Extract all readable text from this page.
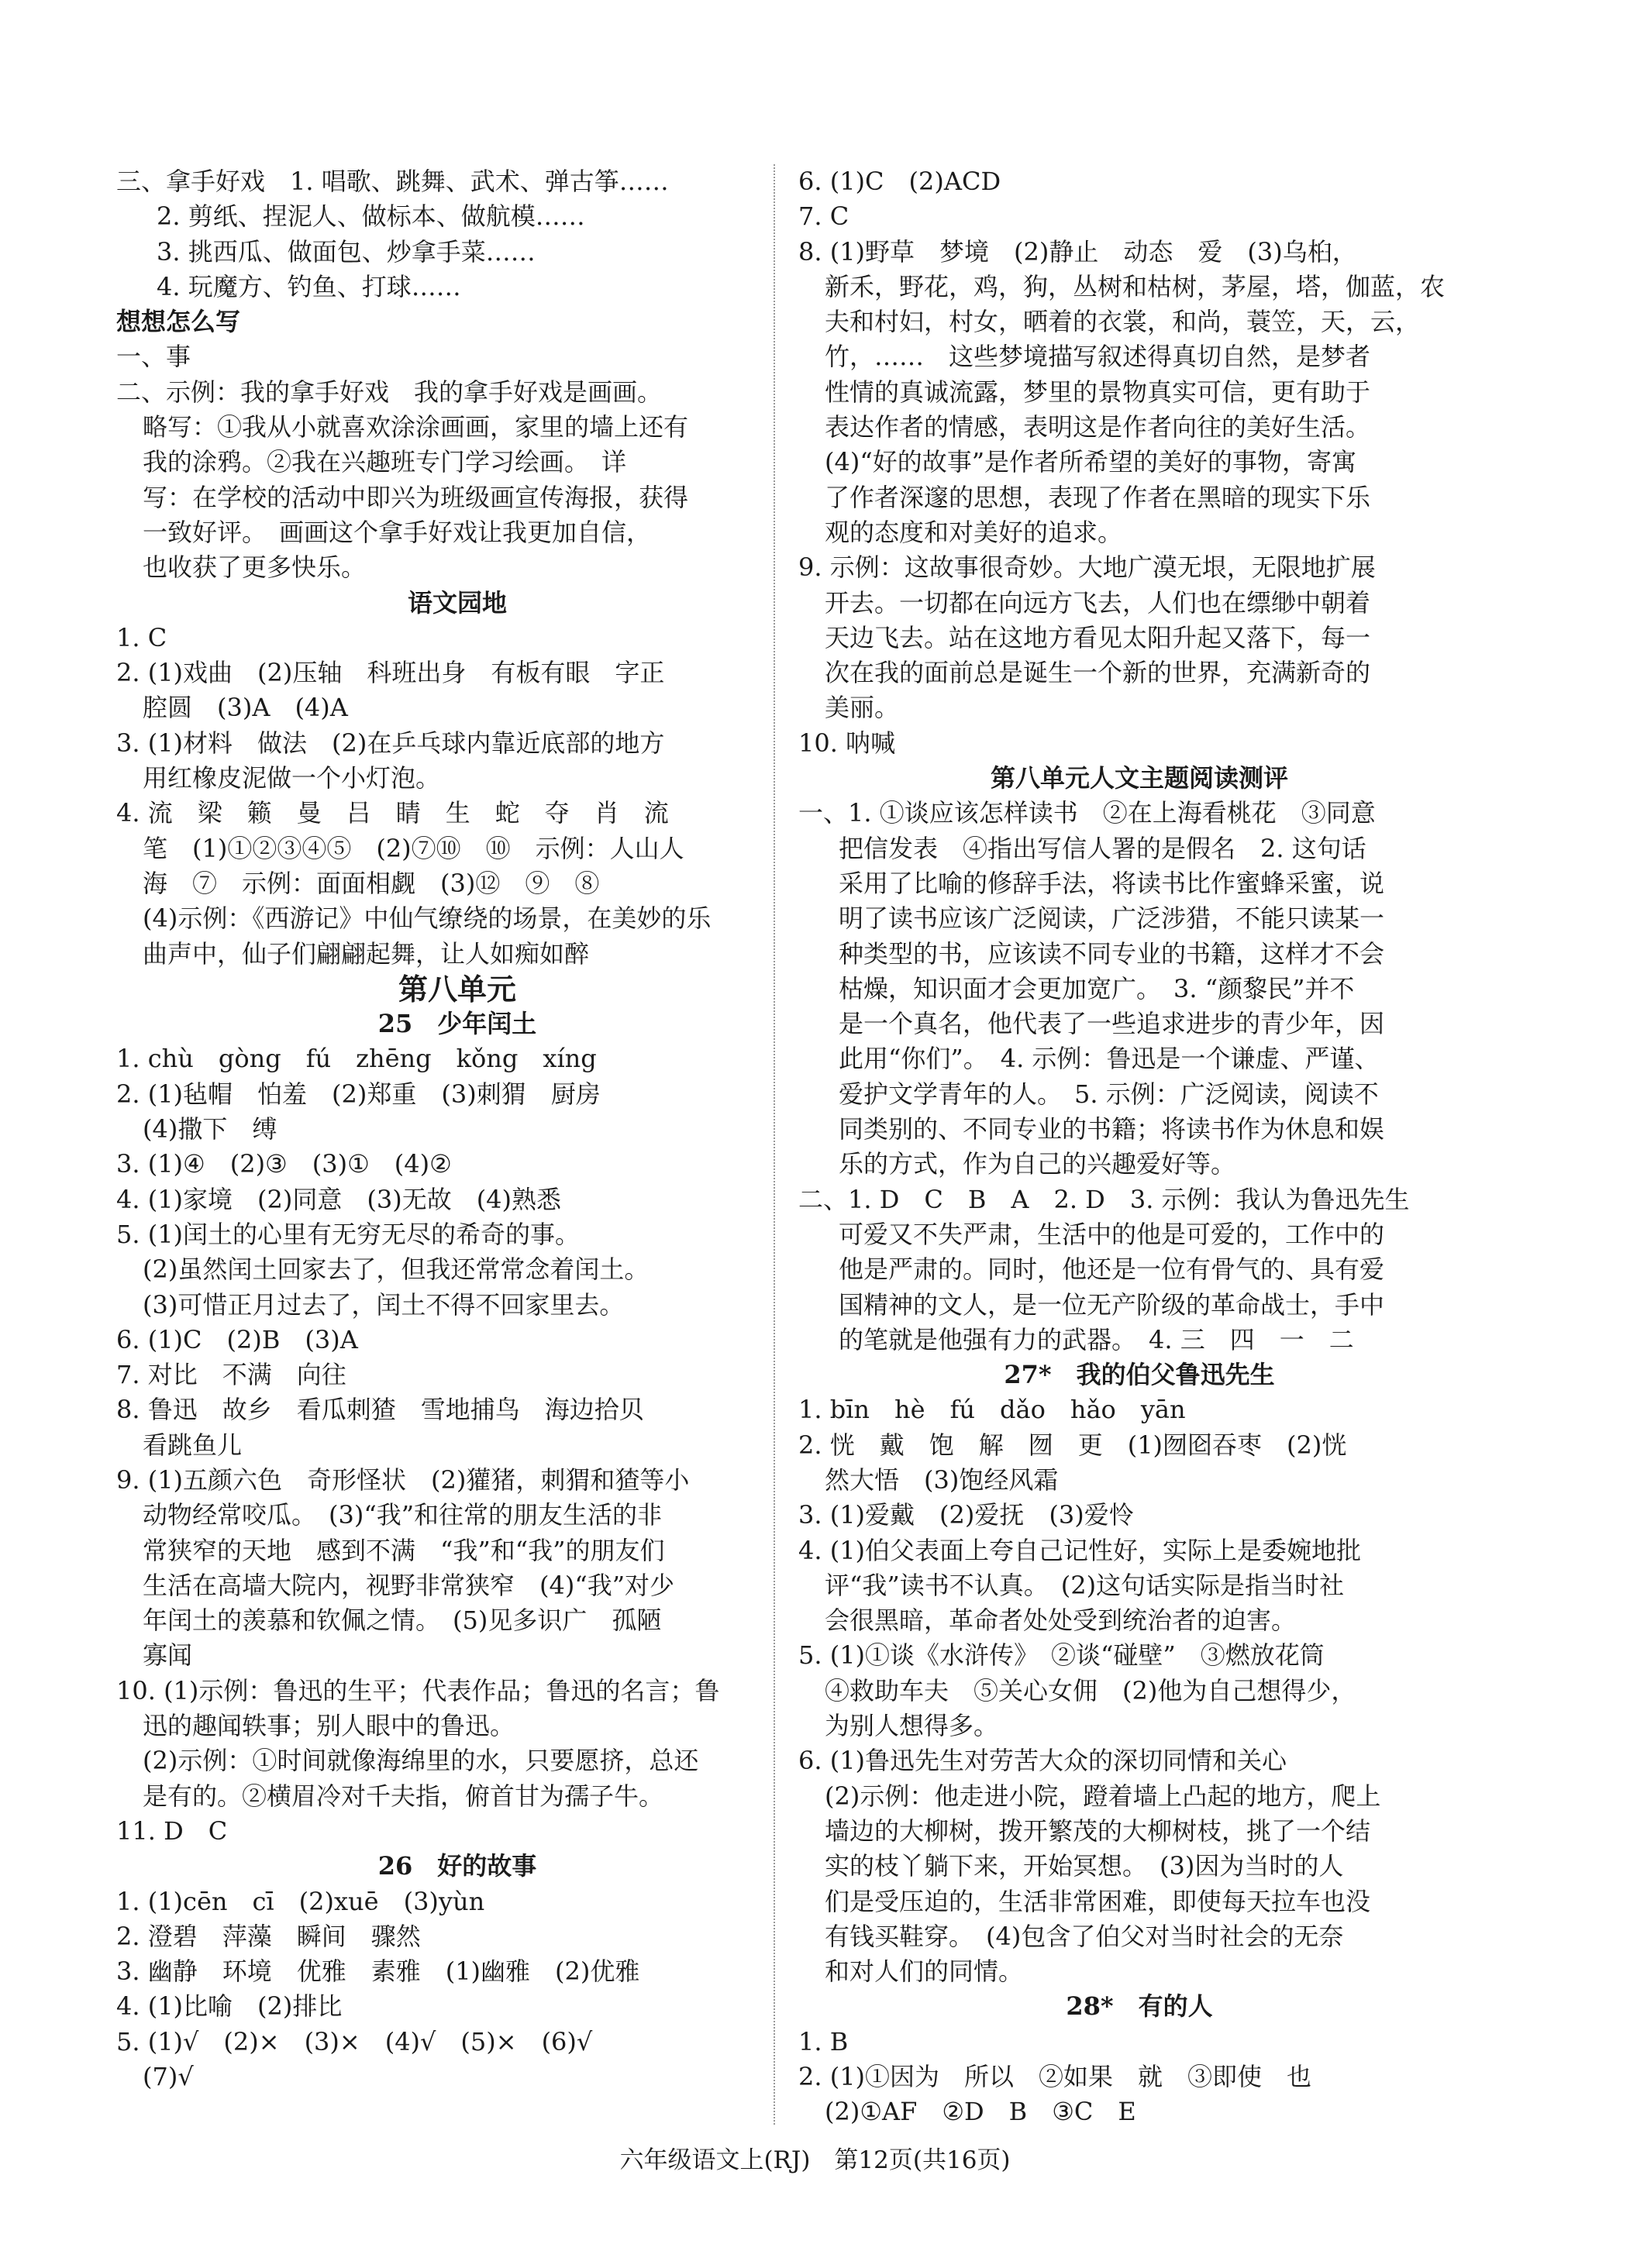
三、拿手好戏　1. 唱歌、跳舞、武术、弹古筝……
2. 剪纸、捏泥人、做标本、做航模……
3. 挑西瓜、做面包、炒拿手菜……
4. 玩魔方、钓鱼、打球……
想想怎么写
一、事
二、示例：我的拿手好戏　我的拿手好戏是画画。
略写：①我从小就喜欢涂涂画画，家里的墙上还有
我的涂鸦。②我在兴趣班专门学习绘画。　详
写：在学校的活动中即兴为班级画宣传海报，获得
一致好评。　画画这个拿手好戏让我更加自信，
也收获了更多快乐。
语文园地
1. C
2. (1)戏曲　(2)压轴　科班出身　有板有眼　字正
腔圆　(3)A　(4)A
3. (1)材料　做法　(2)在乒乓球内靠近底部的地方
用红橡皮泥做一个小灯泡。
4. 流　梁　籁　曼　吕　睛　生　蛇　夺　肖　流
笔　(1)①②③④⑤　(2)⑦⑩　⑩　示例：人山人
海　⑦　示例：面面相觑　(3)⑫　⑨　⑧
(4)示例：《西游记》中仙气缭绕的场景，在美妙的乐
曲声中，仙子们翩翩起舞，让人如痴如醉
第八单元
25　少年闰土
1. chù　gòng　fú　zhēng　kǒng　xíng
2. (1)毡帽　怕羞　(2)郑重　(3)刺猬　厨房
(4)撒下　缚
3. (1)④　(2)③　(3)①　(4)②
4. (1)家境　(2)同意　(3)无故　(4)熟悉
5. (1)闰土的心里有无穷无尽的希奇的事。
(2)虽然闰土回家去了，但我还常常念着闰土。
(3)可惜正月过去了，闰土不得不回家里去。
6. (1)C　(2)B　(3)A
7. 对比　不满　向往
8. 鲁迅　故乡　看瓜刺猹　雪地捕鸟　海边拾贝
看跳鱼儿
9. (1)五颜六色　奇形怪状　(2)獾猪，刺猬和猹等小
动物经常咬瓜。　(3)“我”和往常的朋友生活的非
常狭窄的天地　感到不满　“我”和“我”的朋友们
生活在高墙大院内，视野非常狭窄　(4)“我”对少
年闰土的羡慕和钦佩之情。　(5)见多识广　孤陋
寡闻
10. (1)示例：鲁迅的生平；代表作品；鲁迅的名言；鲁
迅的趣闻轶事；别人眼中的鲁迅。
(2)示例：①时间就像海绵里的水，只要愿挤，总还
是有的。②横眉冷对千夫指，俯首甘为孺子牛。
11. D　C
26　好的故事
1. (1)cēn　cī　(2)xuē　(3)yùn
2. 澄碧　萍藻　瞬间　骤然
3. 幽静　环境　优雅　素雅　(1)幽雅　(2)优雅
4. (1)比喻　(2)排比
5. (1)√　(2)×　(3)×　(4)√　(5)×　(6)√
(7)√
6. (1)C　(2)ACD
7. C
8. (1)野草　梦境　(2)静止　动态　爱　(3)乌桕，
新禾，野花，鸡，狗，丛树和枯树，茅屋，塔，伽蓝，农
夫和村妇，村女，晒着的衣裳，和尚，蓑笠，天，云，
竹，……　这些梦境描写叙述得真切自然，是梦者
性情的真诚流露，梦里的景物真实可信，更有助于
表达作者的情感，表明这是作者向往的美好生活。
(4)“好的故事”是作者所希望的美好的事物，寄寓
了作者深邃的思想，表现了作者在黑暗的现实下乐
观的态度和对美好的追求。
9. 示例：这故事很奇妙。大地广漠无垠，无限地扩展
开去。一切都在向远方飞去，人们也在缥缈中朝着
天边飞去。站在这地方看见太阳升起又落下，每一
次在我的面前总是诞生一个新的世界，充满新奇的
美丽。
10. 呐喊
第八单元人文主题阅读测评
一、1. ①谈应该怎样读书　②在上海看桃花　③同意
把信发表　④指出写信人署的是假名　2. 这句话
采用了比喻的修辞手法，将读书比作蜜蜂采蜜，说
明了读书应该广泛阅读，广泛涉猎，不能只读某一
种类型的书，应该读不同专业的书籍，这样才不会
枯燥，知识面才会更加宽广。　3. “颜黎民”并不
是一个真名，他代表了一些追求进步的青少年，因
此用“你们”。　4. 示例：鲁迅是一个谦虚、严谨、
爱护文学青年的人。　5. 示例：广泛阅读，阅读不
同类别的、不同专业的书籍；将读书作为休息和娱
乐的方式，作为自己的兴趣爱好等。
二、1. D　C　B　A　2. D　3. 示例：我认为鲁迅先生
可爱又不失严肃，生活中的他是可爱的，工作中的
他是严肃的。同时，他还是一位有骨气的、具有爱
国精神的文人，是一位无产阶级的革命战士，手中
的笔就是他强有力的武器。　4. 三　四　一　二
27*　我的伯父鲁迅先生
1. bīn　hè　fú　dǎo　hǎo　yān
2. 恍　戴　饱　解　囫　更　(1)囫囵吞枣　(2)恍
然大悟　(3)饱经风霜
3. (1)爱戴　(2)爱抚　(3)爱怜
4. (1)伯父表面上夸自己记性好，实际上是委婉地批
评“我”读书不认真。　(2)这句话实际是指当时社
会很黑暗，革命者处处受到统治者的迫害。
5. (1)①谈《水浒传》　②谈“碰壁”　③燃放花筒
④救助车夫　⑤关心女佣　(2)他为自己想得少，
为别人想得多。
6. (1)鲁迅先生对劳苦大众的深切同情和关心
(2)示例：他走进小院，蹬着墙上凸起的地方，爬上
墙边的大柳树，拨开繁茂的大柳树枝，挑了一个结
实的枝丫躺下来，开始冥想。　(3)因为当时的人
们是受压迫的，生活非常困难，即使每天拉车也没
有钱买鞋穿。　(4)包含了伯父对当时社会的无奈
和对人们的同情。
28*　有的人
1. B
2. (1)①因为　所以　②如果　就　③即使　也
(2)①AF　②D　B　③C　E
六年级语文上(RJ)　第12页(共16页)
